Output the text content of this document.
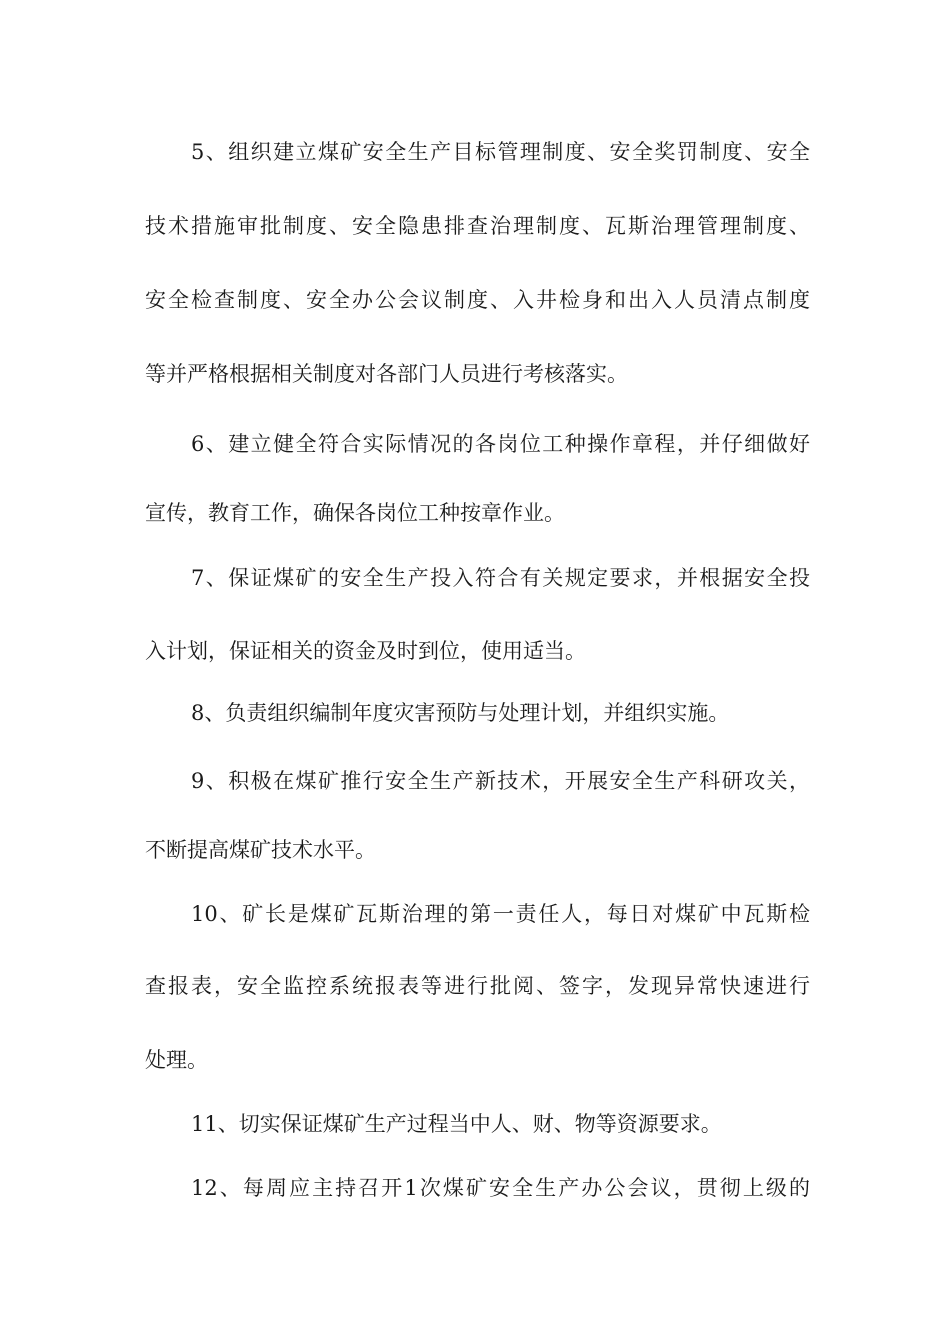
5、组织建立煤矿安全生产目标管理制度、安全奖罚制度、安全
技术措施审批制度、安全隐患排查治理制度、瓦斯治理管理制度、
安全检查制度、安全办公会议制度、入井检身和出入人员清点制度
等并严格根据相关制度对各部门人员进行考核落实。
6、建立健全符合实际情况的各岗位工种操作章程，并仔细做好
宣传，教育工作，确保各岗位工种按章作业。
7、保证煤矿的安全生产投入符合有关规定要求，并根据安全投
入计划，保证相关的资金及时到位，使用适当。
8、负责组织编制年度灾害预防与处理计划，并组织实施。
9、积极在煤矿推行安全生产新技术，开展安全生产科研攻关，
不断提高煤矿技术水平。
10、矿长是煤矿瓦斯治理的第一责任人，每日对煤矿中瓦斯检
查报表，安全监控系统报表等进行批阅、签字，发现异常快速进行
处理。
11、切实保证煤矿生产过程当中人、财、物等资源要求。
12、每周应主持召开1次煤矿安全生产办公会议，贯彻上级的
